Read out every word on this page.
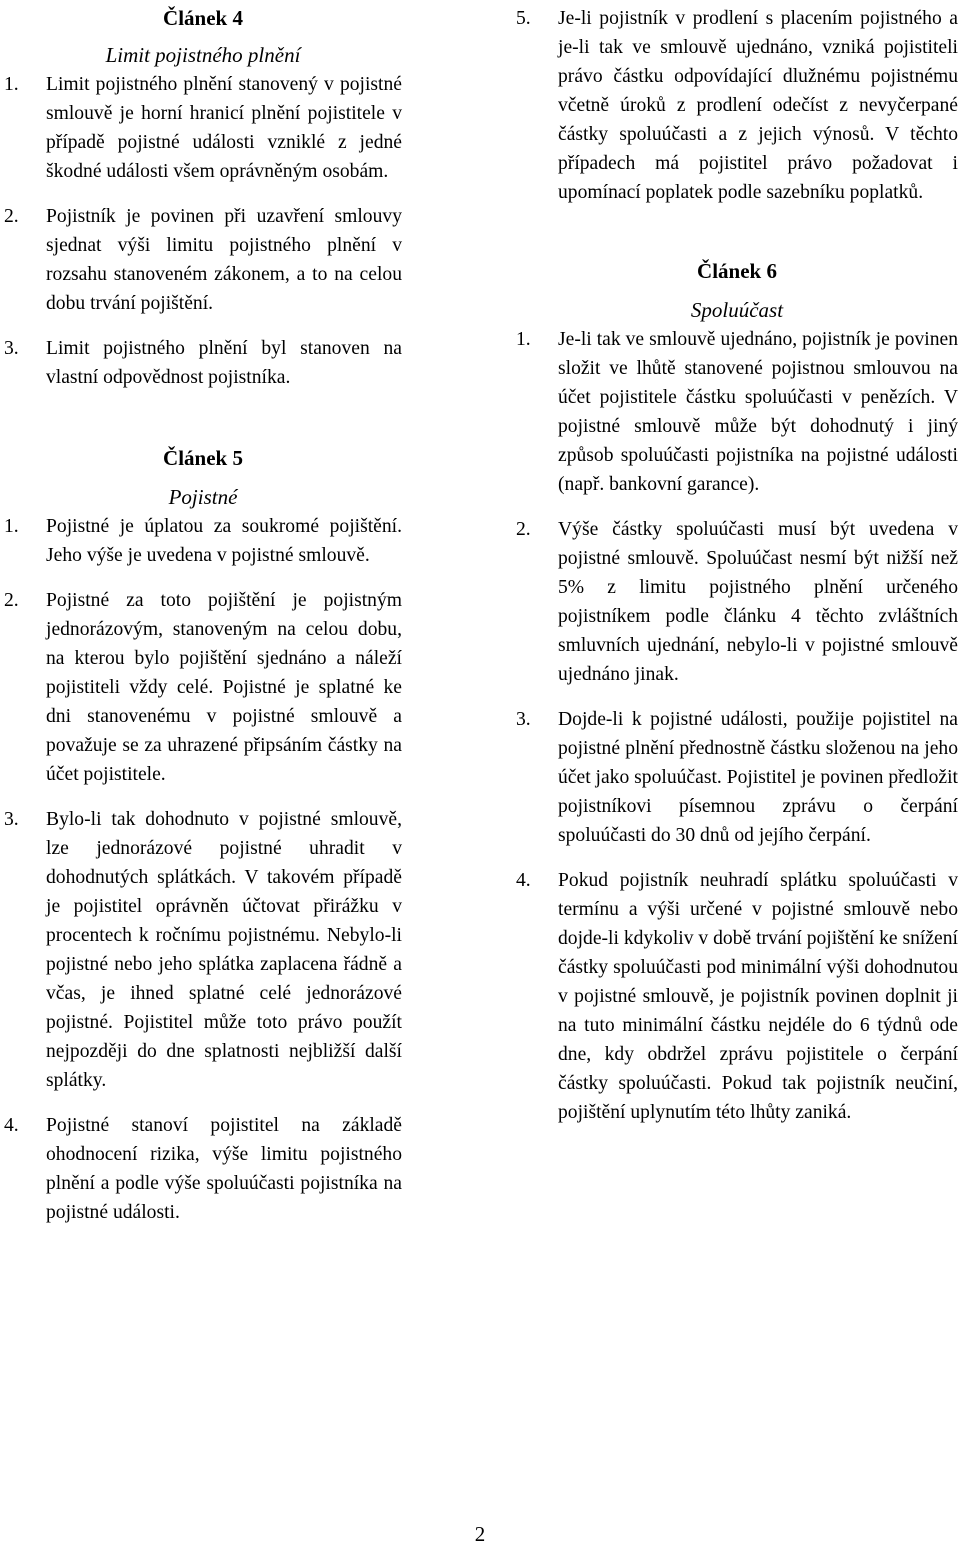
Článek 4

Limit pojistného plnění

1.	Limit pojistného plnění stanovený v pojistné smlouvě je horní hranicí plnění pojistitele v případě pojistné události vzniklé z jedné škodné události všem oprávněným osobám.
2.	Pojistník je povinen při uzavření smlouvy sjednat výši limitu pojistného plnění v rozsahu stanoveném zákonem, a to na celou dobu trvání pojištění.
3.	Limit pojistného plnění byl stanoven na vlastní odpovědnost pojistníka.
Článek 5

Pojistné

1.	Pojistné je úplatou za soukromé pojištění. Jeho výše je uvedena v pojistné smlouvě.
2.	Pojistné za toto pojištění je pojistným jednorázovým, stanoveným na celou dobu, na kterou bylo pojištění sjednáno a náleží pojistiteli vždy celé. Pojistné je splatné ke dni stanovenému v pojistné smlouvě a považuje se za uhrazené připsáním částky na účet pojistitele.
3.	Bylo-li tak dohodnuto v pojistné smlouvě, lze jednorázové pojistné uhradit v dohodnutých splátkách. V takovém případě je pojistitel oprávněn účtovat přirážku v procentech k ročnímu pojistnému. Nebylo-li pojistné nebo jeho splátka zaplacena řádně a včas, je ihned splatné celé jednorázové pojistné. Pojistitel může toto právo použít nejpozději do dne splatnosti nejbližší další splátky.
4.	Pojistné stanoví pojistitel na základě ohodnocení rizika, výše limitu pojistného plnění a podle výše spoluúčasti pojistníka na pojistné události.
5.	Je-li pojistník v prodlení s placením pojistného a je-li tak ve smlouvě ujednáno, vzniká pojistiteli právo částku odpovídající dlužnému pojistnému včetně úroků z prodlení odečíst z nevyčerpané částky spoluúčasti a z jejich výnosů. V těchto případech má pojistitel právo požadovat i upomínací poplatek podle sazebníku poplatků.
Článek 6

Spoluúčast

1.	Je-li tak ve smlouvě ujednáno, pojistník je povinen složit ve lhůtě stanovené pojistnou smlouvou na účet pojistitele částku spoluúčasti v penězích. V pojistné smlouvě může být dohodnutý i jiný způsob spoluúčasti pojistníka na pojistné události (např. bankovní garance).
2.	Výše částky spoluúčasti musí být uvedena v pojistné smlouvě. Spoluúčast nesmí být nižší než 5% z limitu pojistného plnění určeného pojistníkem podle článku 4 těchto zvláštních smluvních ujednání, nebylo-li v pojistné smlouvě ujednáno jinak.
3.	Dojde-li k pojistné události, použije pojistitel na pojistné plnění přednostně částku složenou na jeho účet jako spoluúčast. Pojistitel je povinen předložit pojistníkovi písemnou zprávu o čerpání spoluúčasti do 30 dnů od jejího čerpání.
4.	Pokud pojistník neuhradí splátku spoluúčasti v termínu a výši určené v pojistné smlouvě nebo dojde-li kdykoliv v době trvání pojištění ke snížení částky spoluúčasti pod minimální výši dohodnutou v pojistné smlouvě, je pojistník povinen doplnit ji na tuto minimální částku nejdéle do 6 týdnů ode dne, kdy obdržel zprávu pojistitele o čerpání částky spoluúčasti. Pokud tak pojistník neučiní, pojištění uplynutím této lhůty zaniká.
2
